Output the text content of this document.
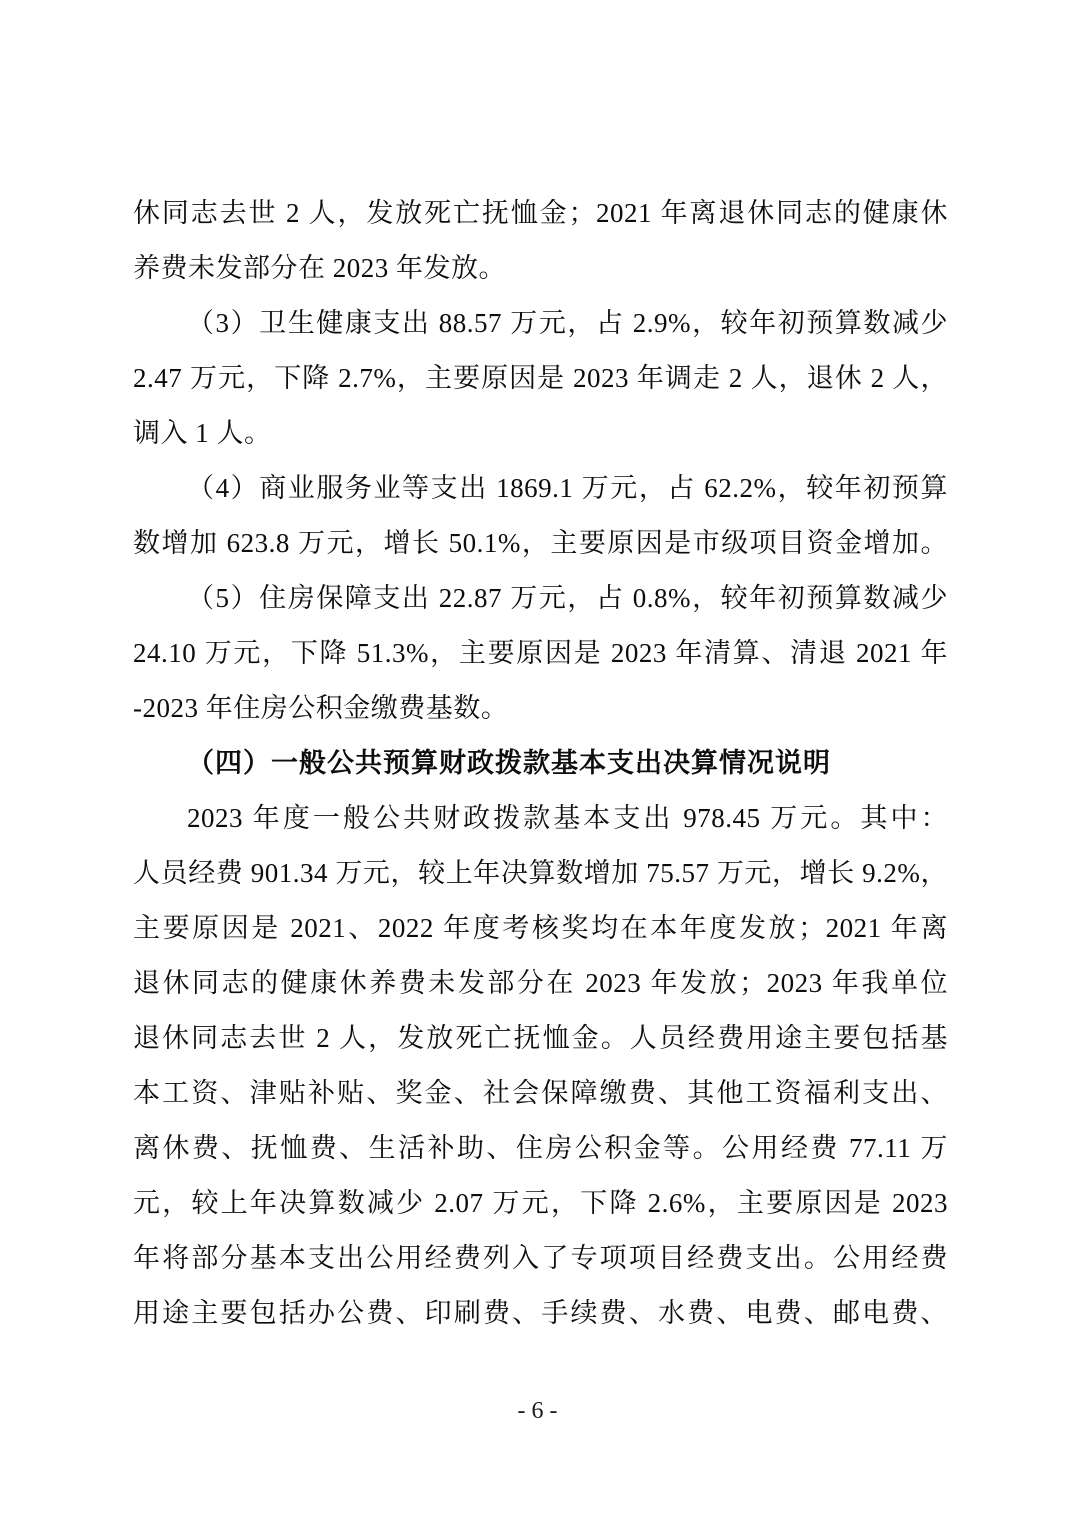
休同志去世 2 人，发放死亡抚恤金；2021 年离退休同志的健康休
养费未发部分在 2023 年发放。
（3）卫生健康支出 88.57 万元，占 2.9%，较年初预算数减少
2.47 万元，下降 2.7%，主要原因是 2023 年调走 2 人，退休 2 人，
调入 1 人。
（4）商业服务业等支出 1869.1 万元，占 62.2%，较年初预算
数增加 623.8 万元，增长 50.1%，主要原因是市级项目资金增加。
（5）住房保障支出 22.87 万元，占 0.8%，较年初预算数减少
24.10 万元，下降 51.3%，主要原因是 2023 年清算、清退 2021 年
-2023 年住房公积金缴费基数。
（四）一般公共预算财政拨款基本支出决算情况说明
2023 年度一般公共财政拨款基本支出 978.45 万元。其中：
人员经费 901.34 万元，较上年决算数增加 75.57 万元，增长 9.2%，
主要原因是 2021、2022 年度考核奖均在本年度发放；2021 年离
退休同志的健康休养费未发部分在 2023 年发放；2023 年我单位
退休同志去世 2 人，发放死亡抚恤金。人员经费用途主要包括基
本工资、津贴补贴、奖金、社会保障缴费、其他工资福利支出、
离休费、抚恤费、生活补助、住房公积金等。公用经费 77.11 万
元，较上年决算数减少 2.07 万元，下降 2.6%，主要原因是 2023
年将部分基本支出公用经费列入了专项项目经费支出。公用经费
用途主要包括办公费、印刷费、手续费、水费、电费、邮电费、
- 6 -
